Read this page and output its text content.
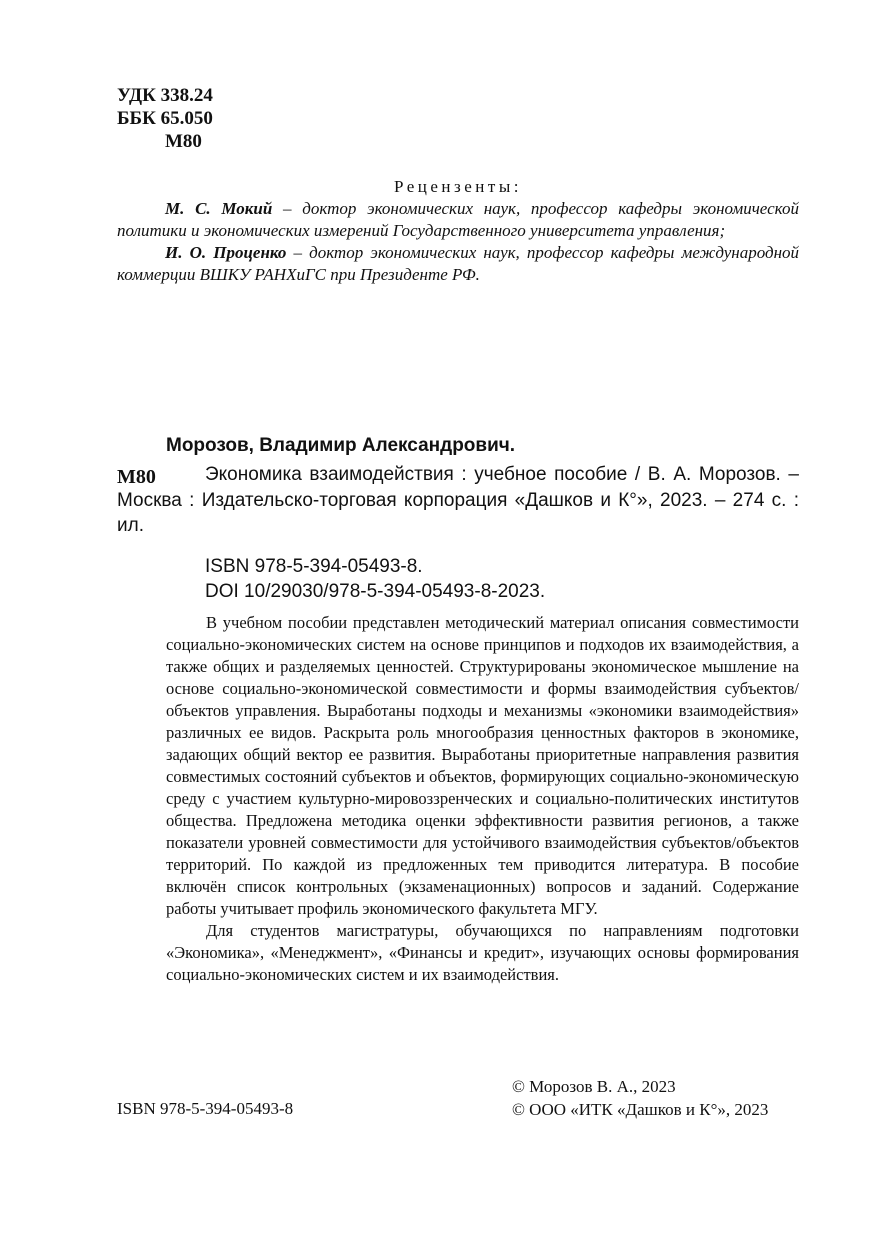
УДК 338.24
ББК 65.050
М80
Рецензенты:

М. С. Мокий – доктор экономических наук, профессор кафедры экономической политики и экономических измерений Государственного университета управления;

И. О. Проценко – доктор экономических наук, профессор кафедры международной коммерции ВШКУ РАНХиГС при Президенте РФ.

Морозов, Владимир Александрович.
М80	Экономика взаимодействия : учебное пособие / В. А. Морозов. – Москва : Издательско-торговая корпорация «Дашков и К°», 2023. – 274 с. : ил.
ISBN 978-5-394-05493-8.
DOI 10/29030/978-5-394-05493-8-2023.

В учебном пособии представлен методический материал описания совместимости социально-экономических систем на основе принципов и подходов их взаимодействия, а также общих и разделяемых ценностей. Структурированы экономическое мышление на основе социально-экономической совместимости и формы взаимодействия субъектов/объектов управления. Выработаны подходы и механизмы «экономики взаимодействия» различных ее видов. Раскрыта роль многообразия ценностных факторов в экономике, задающих общий вектор ее развития. Выработаны приоритетные направления развития совместимых состояний субъектов и объектов, формирующих социально-экономическую среду с участием культурно-мировоззренческих и социально-политических институтов общества. Предложена методика оценки эффективности развития регионов, а также показатели уровней совместимости для устойчивого взаимодействия субъектов/объектов территорий. По каждой из предложенных тем приводится литература. В пособие включён список контрольных (экзаменационных) вопросов и заданий. Содержание работы учитывает профиль экономического факультета МГУ.

Для студентов магистратуры, обучающихся по направлениям подготовки «Экономика», «Менеджмент», «Финансы и кредит», изучающих основы формирования социально-экономических систем и их взаимодействия.

ISBN 978-5-394-05493-8
© Морозов В. А., 2023
© ООО «ИТК «Дашков и К°», 2023
